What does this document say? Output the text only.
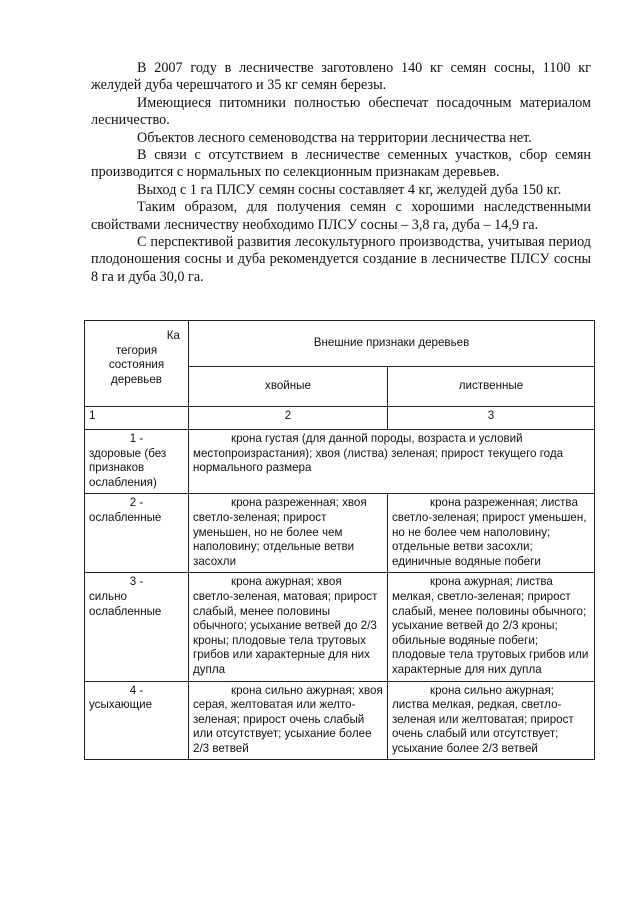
В 2007 году в лесничестве заготовлено 140 кг семян сосны, 1100 кг желудей дуба черешчатого и 35 кг семян березы.

Имеющиеся питомники полностью обеспечат посадочным материалом лесничество.

Объектов лесного семеноводства на территории лесничества нет.

В связи с отсутствием в лесничестве семенных участков, сбор семян производится с нормальных по селекционным признакам деревьев.

Выход с 1 га ПЛСУ семян сосны составляет 4 кг, желудей дуба 150 кг.

Таким образом, для получения семян с хорошими наследственными свойствами лесничеству необходимо ПЛСУ сосны – 3,8 га, дуба – 14,9 га.

С перспективой развития лесокультурного производства, учитывая период плодоношения сосны и дуба рекомендуется создание в лесничестве ПЛСУ сосны 8 га и дуба 30,0 га.

Ка
тегория состояния деревьев	Внешние признаки деревьев	
	хвойные	лиственные
1	2	3

1 -
здоровые (без признаков ослабления)	крона густая (для данной породы, возраста и условий местопроизрастания); хвоя (листва) зеленая; прирост текущего года нормального размера	

2 -
ослабленные	крона разреженная; хвоя светло-зеленая; прирост уменьшен, но не более чем наполовину; отдельные ветви засохли	крона разреженная; листва светло-зеленая; прирост уменьшен, но не более чем наполовину; отдельные ветви засохли; единичные водяные побеги

3 -
сильно ослабленные	крона ажурная; хвоя светло-зеленая, матовая; прирост слабый, менее половины обычного; усыхание ветвей до 2/3 кроны; плодовые тела трутовых грибов или характерные для них дупла	крона ажурная; листва мелкая, светло-зеленая; прирост слабый, менее половины обычного; усыхание ветвей до 2/3 кроны; обильные водяные побеги; плодовые тела трутовых грибов или характерные для них дупла

4 -
усыхающие	крона сильно ажурная; хвоя серая, желтоватая или желто-зеленая; прирост очень слабый или отсутствует; усыхание более 2/3 ветвей	крона сильно ажурная; листва мелкая, редкая, светло-зеленая или желтоватая; прирост очень слабый или отсутствует; усыхание более 2/3 ветвей
